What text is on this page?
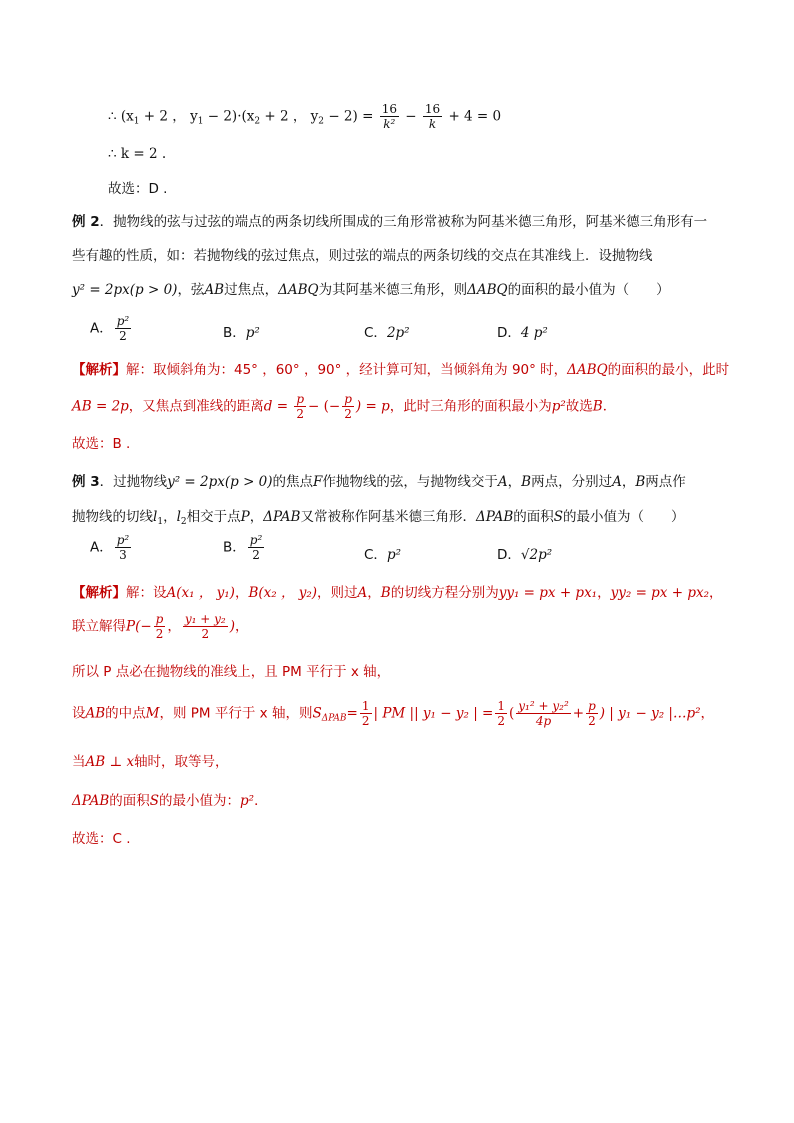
∴ ($x_1 + 2$ ， $y_1 - 2)\cdot(x_2 + 2$ ， $y_2 - 2) = \frac{16}{\text{k²}} - \frac{16}{k} + 4 = 0$
∴ k = 2 .
故选：D .
例 2．抛物线的弦与过弦的端点的两条切线所围成的三角形常被称为阿基米德三角形，阿基米德三角形有一
些有趣的性质，如：若抛物线的弦过焦点，则过弦的端点的两条切线的交点在其准线上．设抛物线
y² = 2px(p > 0)，弦AB过焦点，ΔABQ为其阿基米德三角形，则ΔABQ的面积的最小值为（　　）
A． $\frac{\text{p²}}{2}$	B．p²	C．2p²	D．4 p²
【解析】解：取倾斜角为：45° ，60° ，90° ，经计算可知，当倾斜角为 90° 时，ΔABQ的面积的最小，此时
AB = 2p，又焦点到准线的距离$d = \frac{p}{2}$ − (− $\frac{p}{2}$ ) = p，此时三角形的面积最小为p²故选B．
故选：B .
例 3．过抛物线y² = 2px(p > 0)的焦点F作抛物线的弦，与抛物线交于A，B两点，分别过A，B两点作
抛物线的切线$l_1$，$l_2$相交于点P，ΔPAB又常被称作阿基米德三角形．ΔPAB的面积S的最小值为（　　）
A． $\frac{\text{p²}}{3}$	B． $\frac{\text{p²}}{2}$	C．p²	D．√2p²
【解析】解：设A(x₁ ， y₁)，B(x₂ ， y₂)，则过A，B的切线方程分别为yy₁ = px + px₁，yy₂ = px + px₂，
联立解得$P(- \frac{p}{2}$ ， $\frac{\text{y₁ + y₂}}{2}$ )，
所以 P 点必在抛物线的准线上，且 PM 平行于 x 轴，
设AB的中点M，则 PM 平行于 x 轴，则$S_{\Delta PAB}= \frac{1}{2}$ | PM || y₁ − y₂ | = $\frac{1}{2}$ ( $\frac{\text{y₁² + y₂²}}{4p} + \frac{p}{2}$ ) | y₁ − y₂ |…p²，
当AB ⊥ x轴时，取等号，
ΔPAB的面积S的最小值为：p²．
故选：C .
